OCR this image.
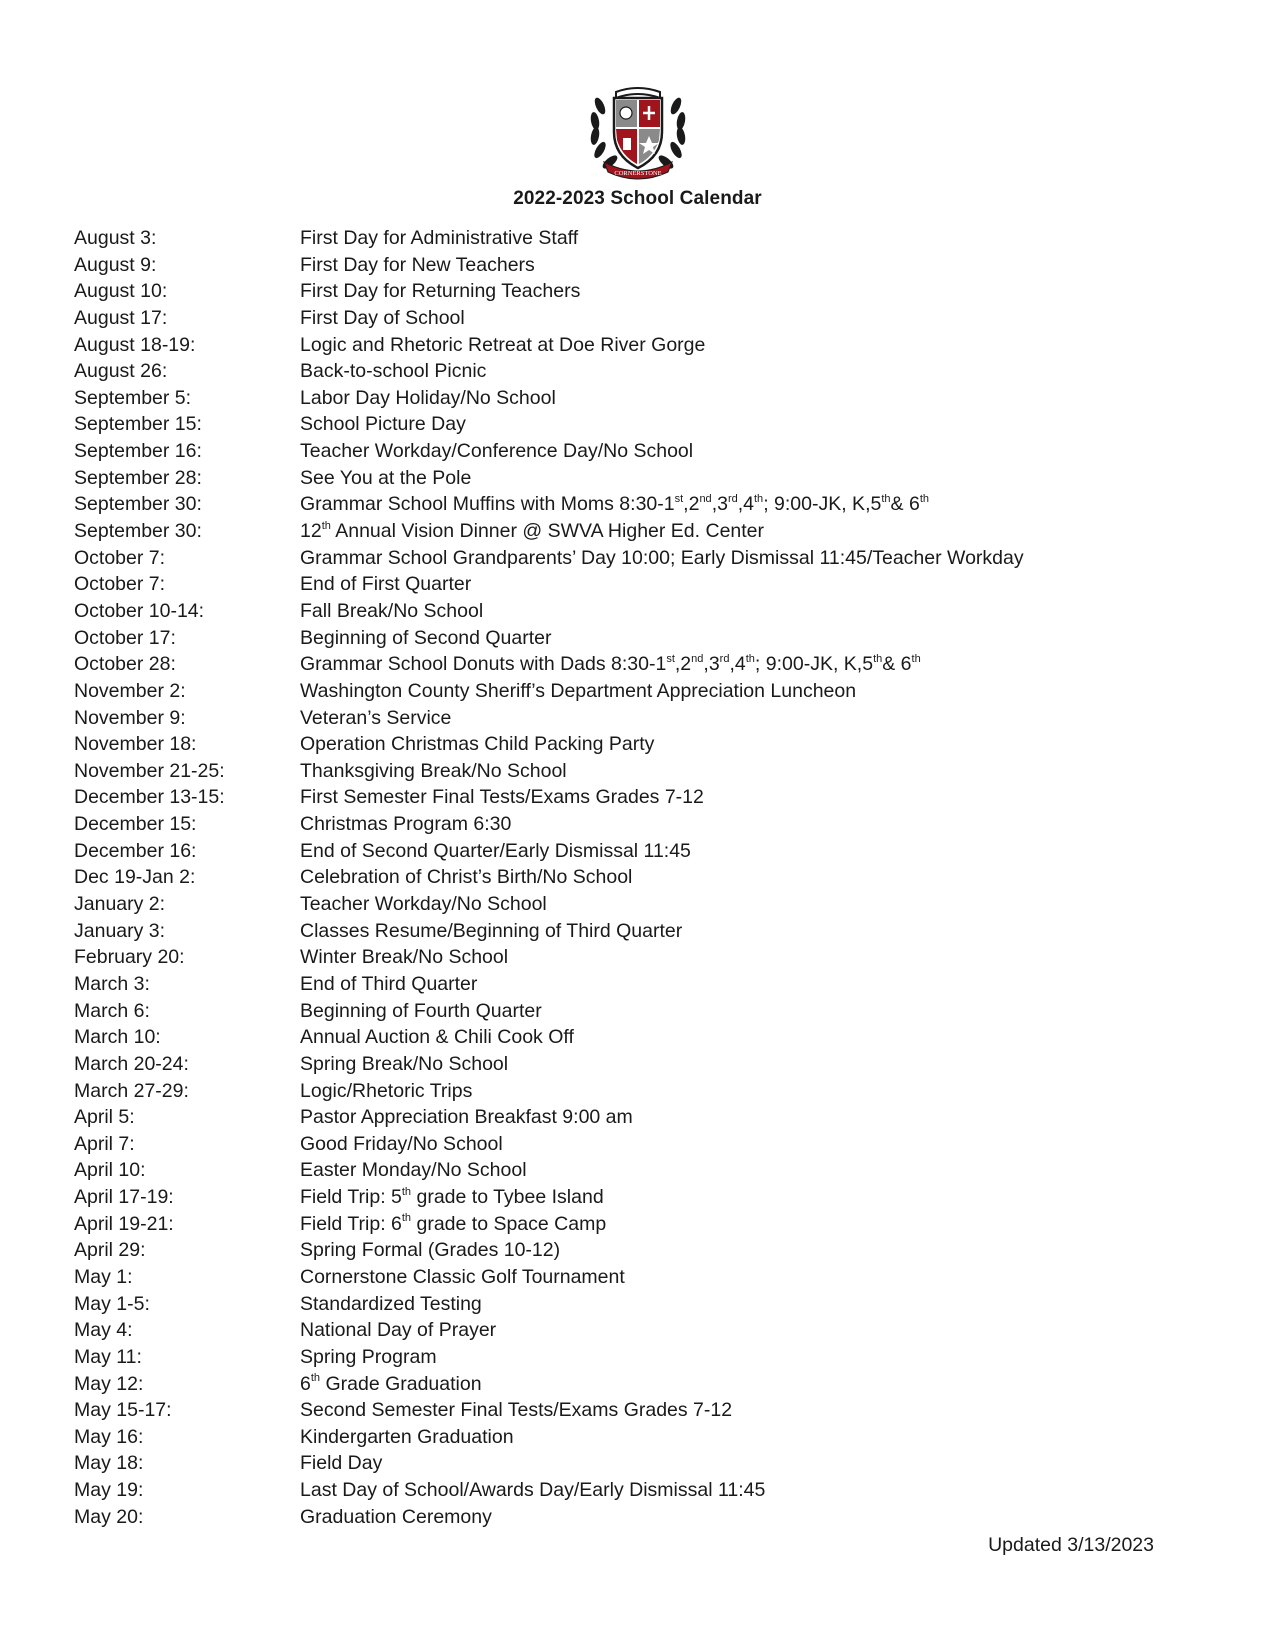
CORNERSTONE
2022-2023 School Calendar
August 3:	First Day for Administrative Staff
August 9:	First Day for New Teachers
August 10:	First Day for Returning Teachers
August 17:	First Day of School
August 18-19:	Logic and Rhetoric Retreat at Doe River Gorge
August 26:	Back-to-school Picnic
September 5:	Labor Day Holiday/No School
September 15:	School Picture Day
September 16:	Teacher Workday/Conference Day/No School
September 28:	See You at the Pole
September 30:	Grammar School Muffins with Moms 8:30-1st,2nd,3rd,4th; 9:00-JK, K,5th& 6th
September 30:	12th Annual Vision Dinner @ SWVA Higher Ed. Center
October 7:	Grammar School Grandparents’ Day 10:00; Early Dismissal 11:45/Teacher Workday
October 7:	End of First Quarter
October 10-14:	Fall Break/No School
October 17:	Beginning of Second Quarter
October 28:	Grammar School Donuts with Dads 8:30-1st,2nd,3rd,4th; 9:00-JK, K,5th& 6th
November 2:	Washington County Sheriff’s Department Appreciation Luncheon
November 9:	Veteran’s Service
November 18:	Operation Christmas Child Packing Party
November 21-25:	Thanksgiving Break/No School
December 13-15:	First Semester Final Tests/Exams Grades 7-12
December 15:	Christmas Program 6:30
December 16:	End of Second Quarter/Early Dismissal 11:45
Dec 19-Jan 2:	Celebration of Christ’s Birth/No School
January 2:	Teacher Workday/No School
January 3:	Classes Resume/Beginning of Third Quarter
February 20:	Winter Break/No School
March 3:	End of Third Quarter
March 6:	Beginning of Fourth Quarter
March 10:	Annual Auction & Chili Cook Off
March 20-24:	Spring Break/No School
March 27-29:	Logic/Rhetoric Trips
April 5:	Pastor Appreciation Breakfast 9:00 am
April 7:	Good Friday/No School
April 10:	Easter Monday/No School
April 17-19:	Field Trip: 5th grade to Tybee Island
April 19-21:	Field Trip: 6th grade to Space Camp
April 29:	Spring Formal (Grades 10-12)
May 1:	Cornerstone Classic Golf Tournament
May 1-5:	Standardized Testing
May 4:	National Day of Prayer
May 11:	Spring Program
May 12:	6th Grade Graduation
May 15-17:	Second Semester Final Tests/Exams Grades 7-12
May 16:	Kindergarten Graduation
May 18:	Field Day
May 19:	Last Day of School/Awards Day/Early Dismissal 11:45
May 20:	Graduation Ceremony
Updated 3/13/2023
